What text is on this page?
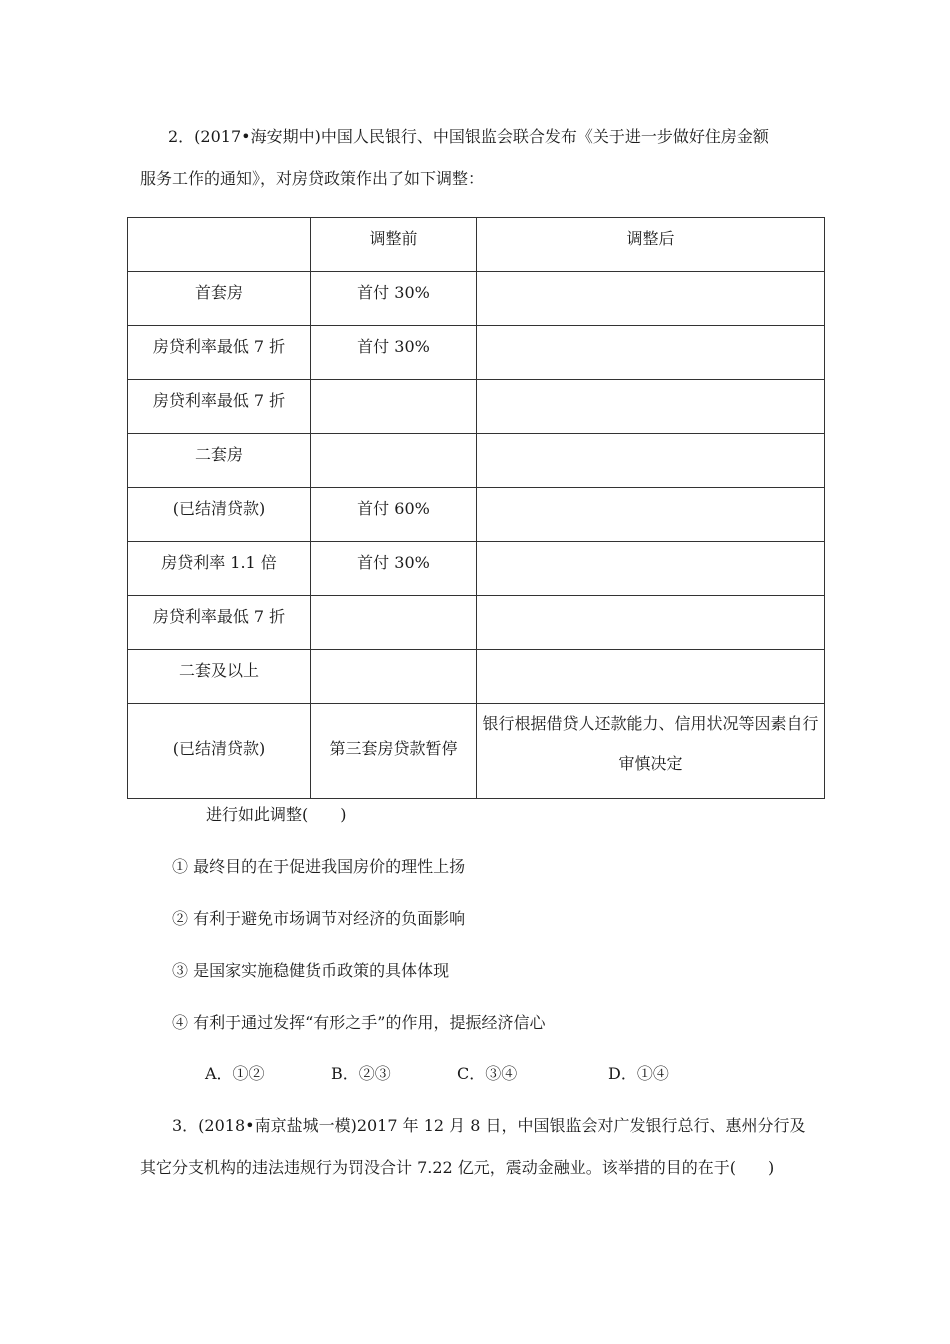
2．(2017•海安期中)中国人民银行、中国银监会联合发布《关于进一步做好住房金额
服务工作的通知》，对房贷政策作出了如下调整：
	调整前	调整后
首套房	首付 30%	
房贷利率最低 7 折	首付 30%	
房贷利率最低 7 折		
二套房		
(已结清贷款)	首付 60%	
房贷利率 1.1 倍	首付 30%	
房贷利率最低 7 折		
二套及以上		
(已结清贷款)	第三套房贷款暂停	银行根据借贷人还款能力、信用状况等因素自行审慎决定
进行如此调整(　　)
① 最终目的在于促进我国房价的理性上扬
② 有利于避免市场调节对经济的负面影响
③ 是国家实施稳健货币政策的具体体现
④ 有利于通过发挥“有形之手”的作用，提振经济信心
A．①②	B．②③	C．③④	D．①④
3．(2018•南京盐城一模)2017 年 12 月 8 日，中国银监会对广发银行总行、惠州分行及
其它分支机构的违法违规行为罚没合计 7.22 亿元，震动金融业。该举措的目的在于(　　)
